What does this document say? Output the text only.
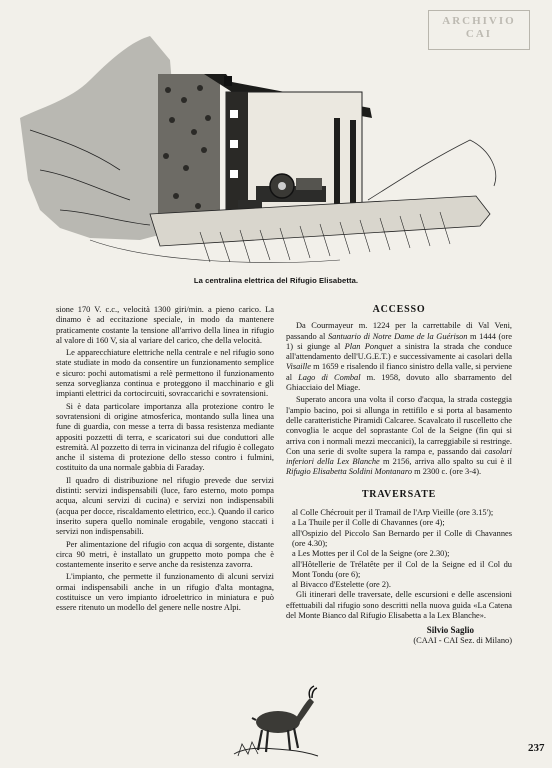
ARCHIVIO
CAI
La centralina elettrica del Rifugio Elisabetta.

sione 170 V. c.c., velocità 1300 giri/min. a pieno carico. La dinamo è ad eccitazione speciale, in modo da mantenere praticamente costante la tensione all'arrivo della linea in rifugio al valore di 160 V, sia al variare del carico, che della velocità.

Le apparecchiature elettriche nella centrale e nel rifugio sono state studiate in modo da consentire un funzionamento semplice e sicuro: pochi automatismi a relè permettono il funzionamento senza sorveglianza continua e proteggono il macchinario e gli impianti elettrici da cortocircuiti, sovraccarichi e sovratensioni.

Si è data particolare importanza alla protezione contro le sovratensioni di origine atmosferica, montando sulla linea una fune di guardia, con messe a terra di bassa resistenza mediante appositi pozzetti di terra, e scaricatori sui due conduttori alle estremità. Al pozzetto di terra in vicinanza del rifugio è collegato anche il sistema di protezione dello stesso contro i fulmini, costituito da una normale gabbia di Faraday.

Il quadro di distribuzione nel rifugio prevede due servizi distinti: servizi indispensabili (luce, faro esterno, moto pompa acqua, alcuni servizi di cucina) e servizi non indispensabili (acqua per docce, riscaldamento elettrico, ecc.). Quando il carico inserito supera quello nominale erogabile, vengono staccati i servizi non indispensabili.

Per alimentazione del rifugio con acqua di sorgente, distante circa 90 metri, è installato un gruppetto moto pompa che è costantemente inserito e serve anche da resistenza zavorra.

L'impianto, che permette il funzionamento di alcuni servizi ormai indispensabili anche in un rifugio d'alta montagna, costituisce un vero impianto idroelettrico in miniatura e può essere ritenuto un modello del genere nelle nostre Alpi.

ACCESSO

Da Courmayeur m. 1224 per la carrettabile di Val Veni, passando al Santuario di Notre Dame de la Guérison m 1444 (ore 1) si giunge al Plan Ponquet a sinistra la strada che conduce all'attendamento dell'U.G.E.T.) e successivamente ai casolari della Visaille m 1659 e risalendo il fianco sinistro della valle, si perviene al Lago di Combal m. 1958, dovuto allo sbarramento del Ghiacciaio del Miage.

Superato ancora una volta il corso d'acqua, la strada costeggia l'ampio bacino, poi si allunga in rettifilo e si porta al basamento delle caratteristiche Piramidi Calcaree. Scavalcato il ruscelletto che convoglia le acque del soprastante Col de la Seigne (fin qui si arriva con i normali mezzi meccanici), la carreggiabile si restringe. Con una serie di svolte supera la rampa e, passando dai casolari inferiori della Lex Blanche m 2156, arriva allo spalto su cui è il Rifugio Elisabetta Soldini Montanaro m 2300 c. (ore 3-4).

TRAVERSATE
al Colle Chécrouit per il Tramail de l'Arp Vieille (ore 3.15');
a La Thuile per il Colle di Chavannes (ore 4);
all'Ospizio del Piccolo San Bernardo per il Colle di Chavannes (ore 4.30);
a Les Mottes per il Col de la Seigne (ore 2.30);
all'Hôtellerie de Trélatête per il Col de la Seigne ed il Col du Mont Tondu (ore 6);
al Bivacco d'Estelette (ore 2).

Gli itinerari delle traversate, delle escursioni e delle ascensioni effettuabili dal rifugio sono descritti nella nuova guida «La Catena del Monte Bianco dal Rifugio Elisabetta a la Lex Blanche».

Silvio Saglio
(CAAI - CAI Sez. di Milano)
237
